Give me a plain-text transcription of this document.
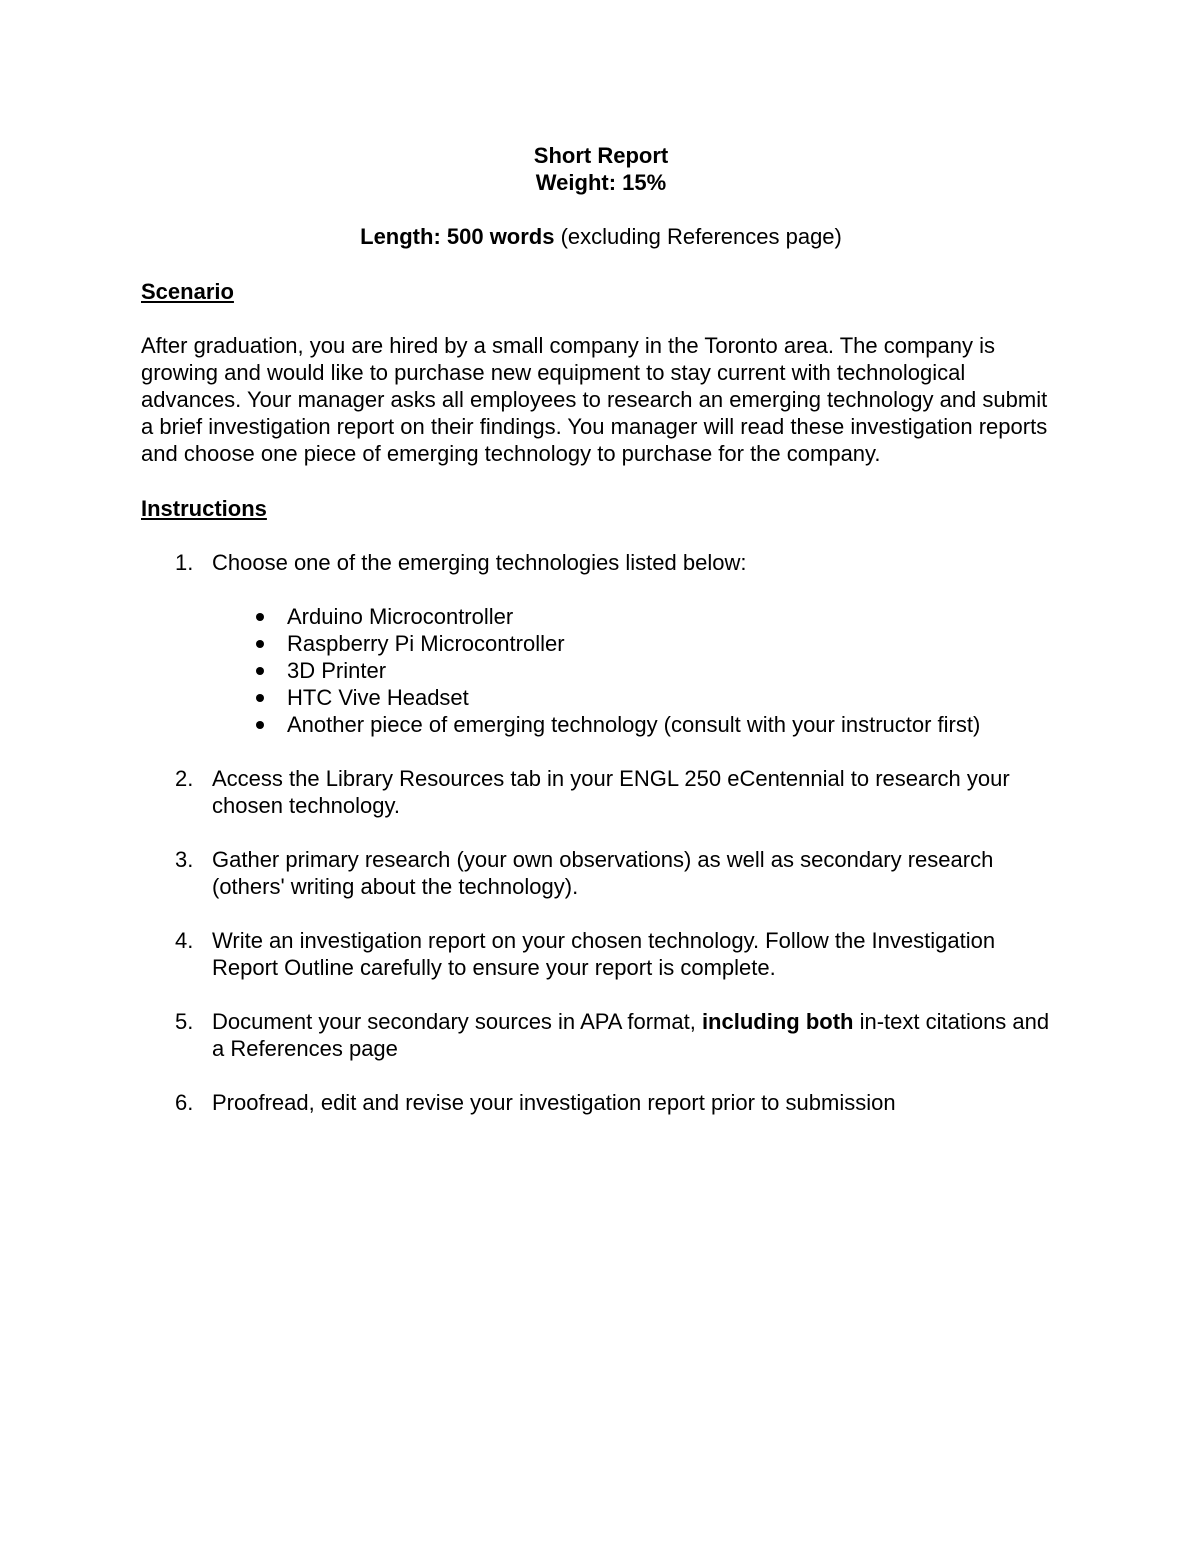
Short Report
Weight: 15%
Length: 500 words (excluding References page)
Scenario
After graduation, you are hired by a small company in the Toronto area. The company is growing and would like to purchase new equipment to stay current with technological advances. Your manager asks all employees to research an emerging technology and submit a brief investigation report on their findings. You manager will read these investigation reports and choose one piece of emerging technology to purchase for the company.
Instructions
1. Choose one of the emerging technologies listed below:
Arduino Microcontroller
Raspberry Pi Microcontroller
3D Printer
HTC Vive Headset
Another piece of emerging technology (consult with your instructor first)
2. Access the Library Resources tab in your ENGL 250 eCentennial to research your chosen technology.
3. Gather primary research (your own observations) as well as secondary research (others' writing about the technology).
4. Write an investigation report on your chosen technology. Follow the Investigation Report Outline carefully to ensure your report is complete.
5. Document your secondary sources in APA format, including both in-text citations and a References page
6. Proofread, edit and revise your investigation report prior to submission
